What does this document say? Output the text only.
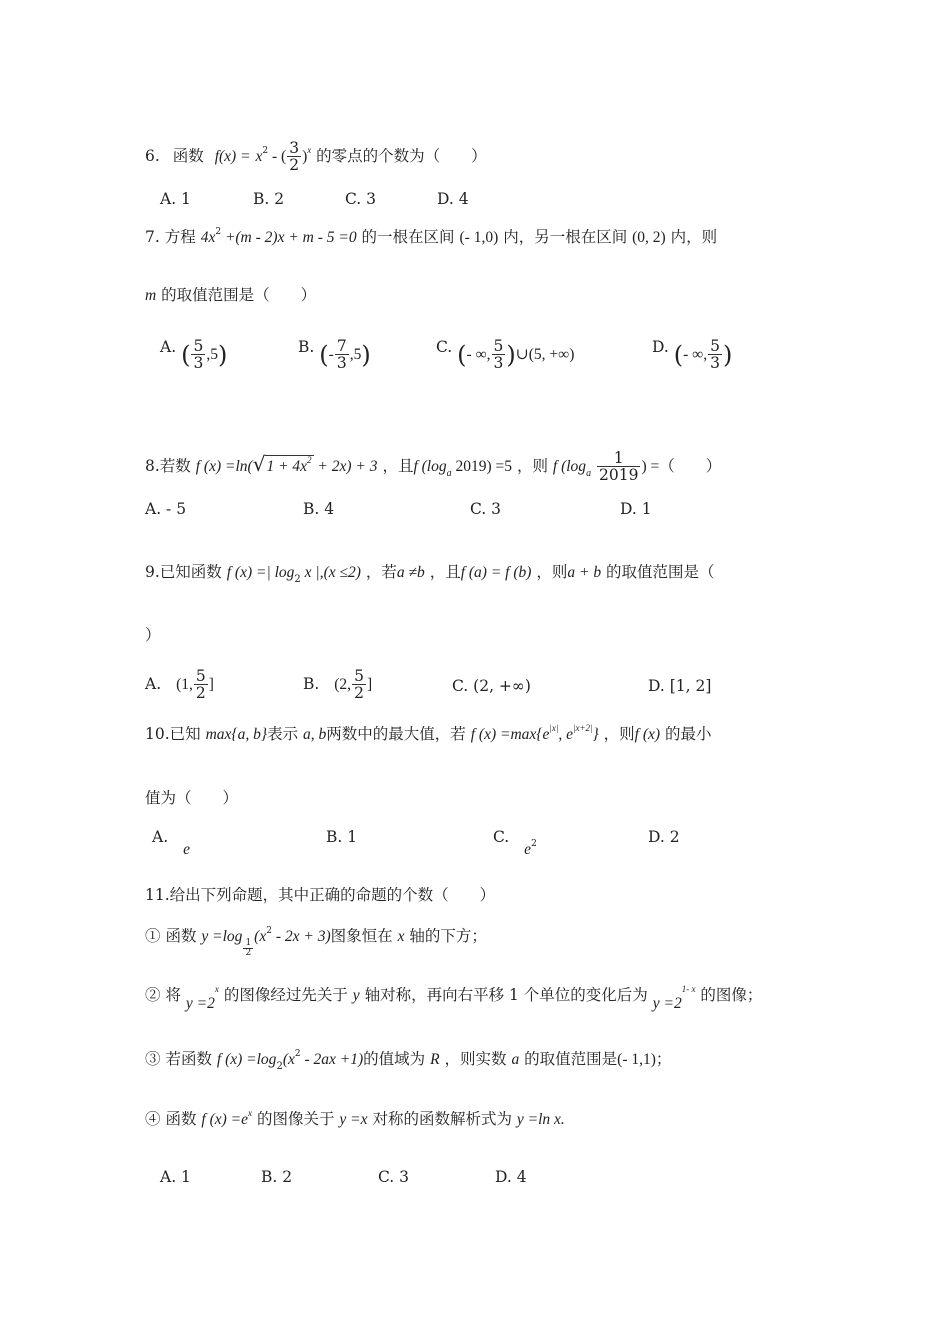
6. 函数 $f(x) = x^2$ - ( $\frac{3}{2} )^x$ 的零点的个数为（　　）
A. 1	B. 2	C. 3	D. 4
7. 方程 $4x^2 +(m - 2)x + m - 5 =0$ 的一根在区间 (- 1,0) 内，另一根在区间 (0, 2) 内，则
m 的取值范围是（　　）
A. ( $\frac{5}{3} ,5$)	B. (- $\frac{7}{3} ,5$)	C. (- ∞, $\frac{5}{3}$ )∪(5, +∞)	D. (- ∞, $\frac{5}{3}$ )
8.若数 f $(x) =\ln(√1 + 4x^2 + 2x) + 3$ ，且f ($\log_a$ 2019) =5 ，则 f ($\log_a \frac{1}{2019}$ ) =（　　）
A. - 5	B. 4	C. 3	D. 1
9.已知函数 f (x) =| $\log_2 x$ |,(x ≤2) ，若a ≠b ，且f (a) = f (b) ，则a + b 的取值范围是（
）
A. (1, $\frac{5}{2}$ ]	B. (2, $\frac{5}{2}$ ]	C. (2, +∞)	D. [1, 2]
10.已知 max{a, b}表示 a, b两数中的最大值，若 f $(x) =\max\{e^{|x|}$, $e^{|x+2|}$} ，则f (x) 的最小
值为（　　）
A. e
B. 1	C. $e^2$	D. 2
11.给出下列命题，其中正确的命题的个数（　　）
① 函数 y =log
$\frac{1}{2}$
$(x^2 - 2x + 3)$图象恒在 x 轴的下方；
② 将 $y =2^x$ 的图像经过先关于 y 轴对称，再向右平移 1 个单位的变化后为 $y =2^{1- x}$ 的图像；
③ 若函数 f $(x) =\log_2(x^2 - 2ax +1)$的值域为 R ，则实数 a 的取值范围是(- 1,1)；
④ 函数 f $(x) =e^x$ 的图像关于 y =x 对称的函数解析式为 y =ln x.
A. 1	B. 2	C. 3	D. 4
